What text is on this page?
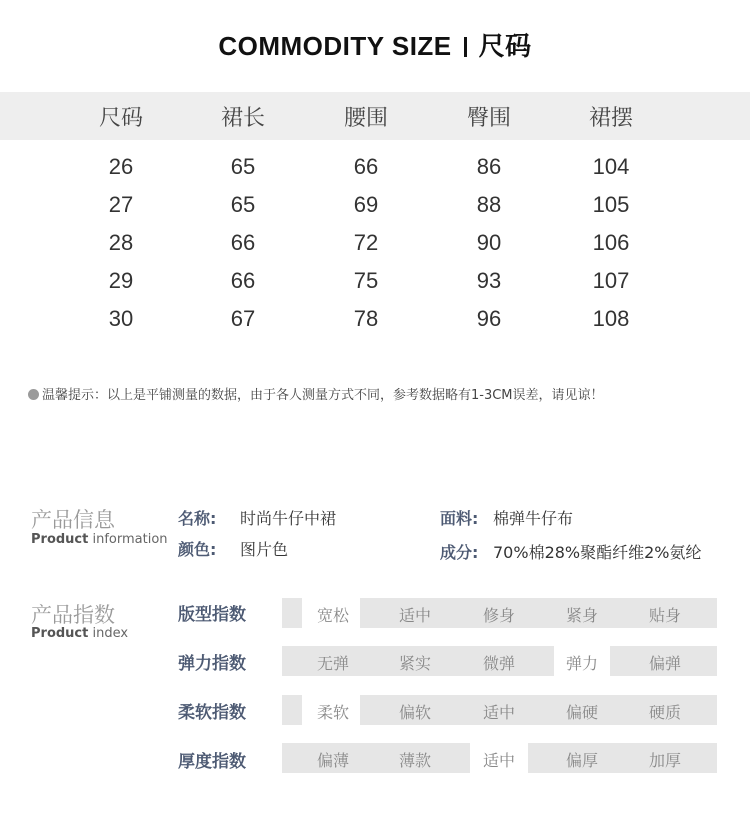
COMMODITY SIZE 尺码
尺码	裙长	腰围	臀围	裙摆
26	65	66	86	104
27	65	69	88	105
28	66	72	90	106
29	66	75	93	107
30	67	78	96	108
温馨提示：以上是平铺测量的数据，由于各人测量方式不同，参考数据略有1-3CM误差，请见谅！
产品信息
Product information
名称: 时尚牛仔中裙
颜色: 图片色
面料: 棉弹牛仔布
成分: 70%棉28%聚酯纤维2%氨纶
产品指数
Product index
版型指数	宽松	适中	修身	紧身	贴身
弹力指数	无弹	紧实	微弹	弹力	偏弹
柔软指数	柔软	偏软	适中	偏硬	硬质
厚度指数	偏薄	薄款	适中	偏厚	加厚
